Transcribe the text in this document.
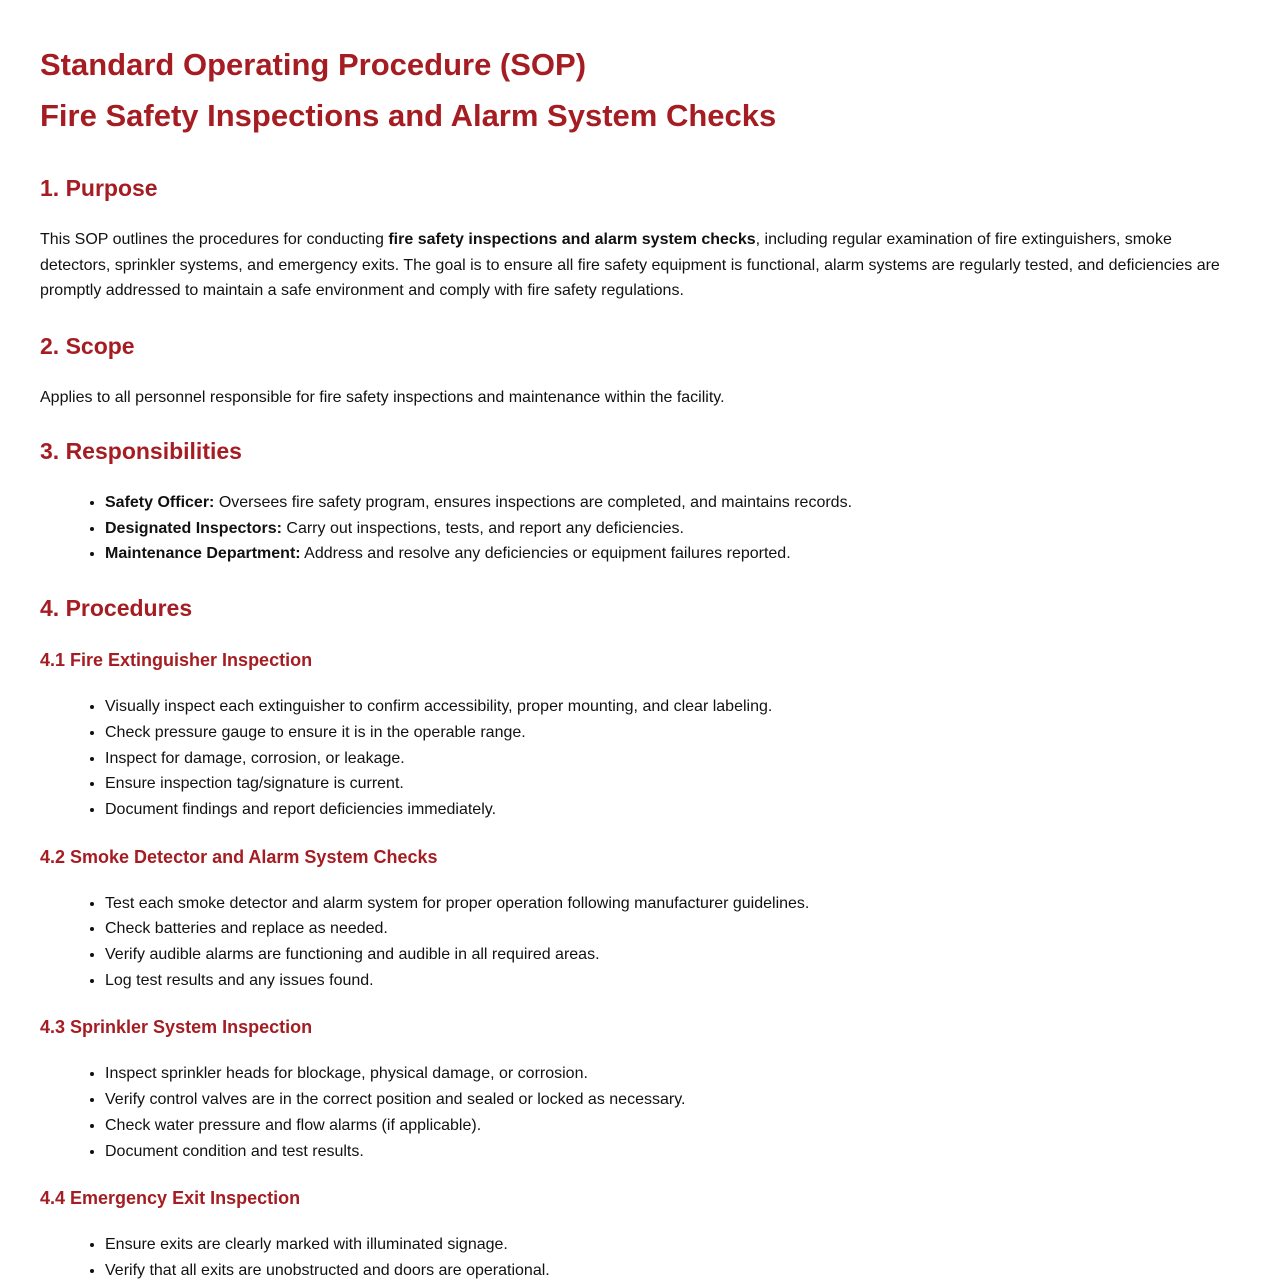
Standard Operating Procedure (SOP)
Fire Safety Inspections and Alarm System Checks
1. Purpose

This SOP outlines the procedures for conducting fire safety inspections and alarm system checks, including regular examination of fire extinguishers, smoke detectors, sprinkler systems, and emergency exits. The goal is to ensure all fire safety equipment is functional, alarm systems are regularly tested, and deficiencies are promptly addressed to maintain a safe environment and comply with fire safety regulations.

2. Scope

Applies to all personnel responsible for fire safety inspections and maintenance within the facility.

3. Responsibilities
• Safety Officer: Oversees fire safety program, ensures inspections are completed, and maintains records.
• Designated Inspectors: Carry out inspections, tests, and report any deficiencies.
• Maintenance Department: Address and resolve any deficiencies or equipment failures reported.
4. Procedures
4.1 Fire Extinguisher Inspection
• Visually inspect each extinguisher to confirm accessibility, proper mounting, and clear labeling.
• Check pressure gauge to ensure it is in the operable range.
• Inspect for damage, corrosion, or leakage.
• Ensure inspection tag/signature is current.
• Document findings and report deficiencies immediately.
4.2 Smoke Detector and Alarm System Checks
• Test each smoke detector and alarm system for proper operation following manufacturer guidelines.
• Check batteries and replace as needed.
• Verify audible alarms are functioning and audible in all required areas.
• Log test results and any issues found.
4.3 Sprinkler System Inspection
• Inspect sprinkler heads for blockage, physical damage, or corrosion.
• Verify control valves are in the correct position and sealed or locked as necessary.
• Check water pressure and flow alarms (if applicable).
• Document condition and test results.
4.4 Emergency Exit Inspection
• Ensure exits are clearly marked with illuminated signage.
• Verify that all exits are unobstructed and doors are operational.
